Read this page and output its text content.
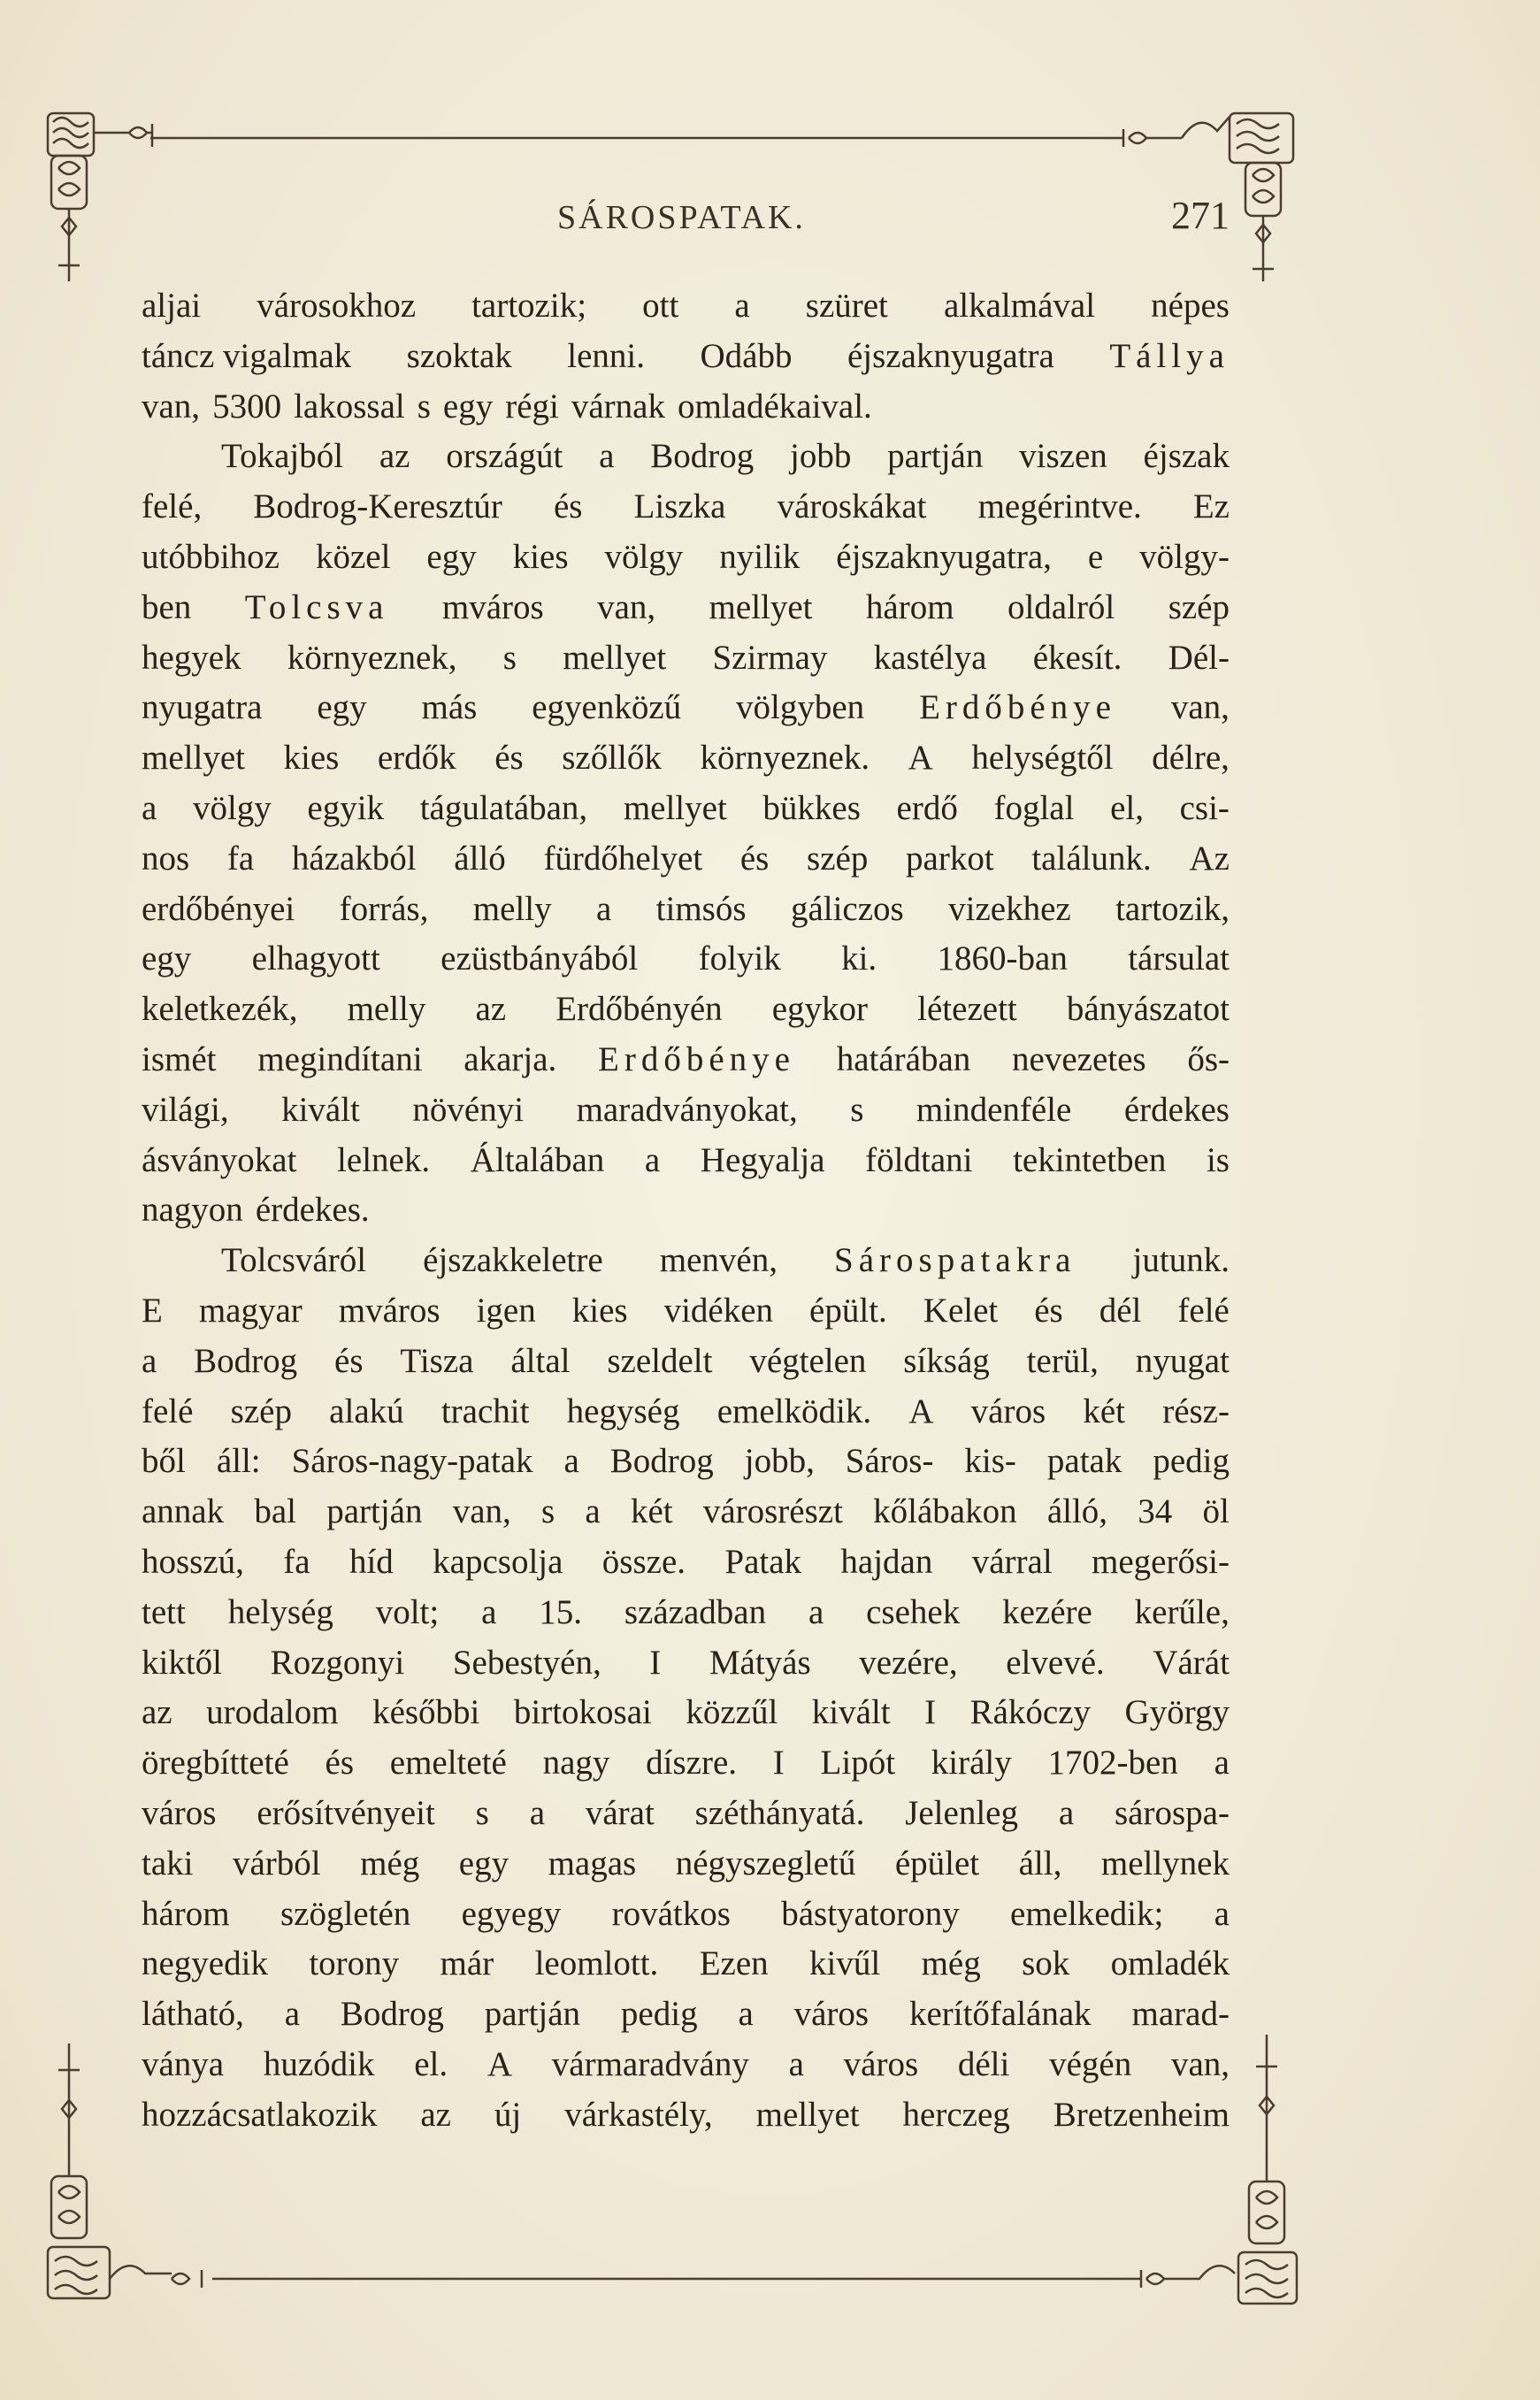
SÁROSPATAK.	271
aljai városokhoz tartozik; ott a szüret alkalmával népes
táncz vigalmak szoktak lenni. Odább éjszaknyugatra Tállya
van, 5300 lakossal s egy régi várnak omladékaival.
Tokajból az országút a Bodrog jobb partján viszen éjszak
felé, Bodrog-Keresztúr és Liszka városkákat megérintve. Ez
utóbbihoz közel egy kies völgy nyilik éjszaknyugatra, e völgy-
ben Tolcsva mváros van, mellyet három oldalról szép
hegyek környeznek, s mellyet Szirmay kastélya ékesít. Dél-
nyugatra egy más egyenközű völgyben Erdőbénye van,
mellyet kies erdők és szőllők környeznek. A helységtől délre,
a völgy egyik tágulatában, mellyet bükkes erdő foglal el, csi-
nos fa házakból álló fürdőhelyet és szép parkot találunk. Az
erdőbényei forrás, melly a timsós gáliczos vizekhez tartozik,
egy elhagyott ezüstbányából folyik ki. 1860-ban társulat
keletkezék, melly az Erdőbényén egykor létezett bányászatot
ismét megindítani akarja. Erdőbénye határában nevezetes ős-
világi, kivált növényi maradványokat, s mindenféle érdekes
ásványokat lelnek. Általában a Hegyalja földtani tekintetben is
nagyon érdekes.
Tolcsváról éjszakkeletre menvén, Sárospatakra jutunk.
E magyar mváros igen kies vidéken épült. Kelet és dél felé
a Bodrog és Tisza által szeldelt végtelen síkság terül, nyugat
felé szép alakú trachit hegység emelködik. A város két rész-
ből áll: Sáros-nagy-patak a Bodrog jobb, Sáros- kis- patak pedig
annak bal partján van, s a két városrészt kőlábakon álló, 34 öl
hosszú, fa híd kapcsolja össze. Patak hajdan várral megerősi-
tett helység volt; a 15. században a csehek kezére kerűle,
kiktől Rozgonyi Sebestyén, I Mátyás vezére, elvevé. Várát
az urodalom későbbi birtokosai közzűl kivált I Rákóczy György
öregbítteté és emelteté nagy díszre. I Lipót király 1702-ben a
város erősítvényeit s a várat széthányatá. Jelenleg a sárospa-
taki várból még egy magas négyszegletű épület áll, mellynek
három szögletén egyegy rovátkos bástyatorony emelkedik; a
negyedik torony már leomlott. Ezen kivűl még sok omladék
látható, a Bodrog partján pedig a város kerítőfalának marad-
ványa huzódik el. A vármaradvány a város déli végén van,
hozzácsatlakozik az új várkastély, mellyet herczeg Bretzenheim
